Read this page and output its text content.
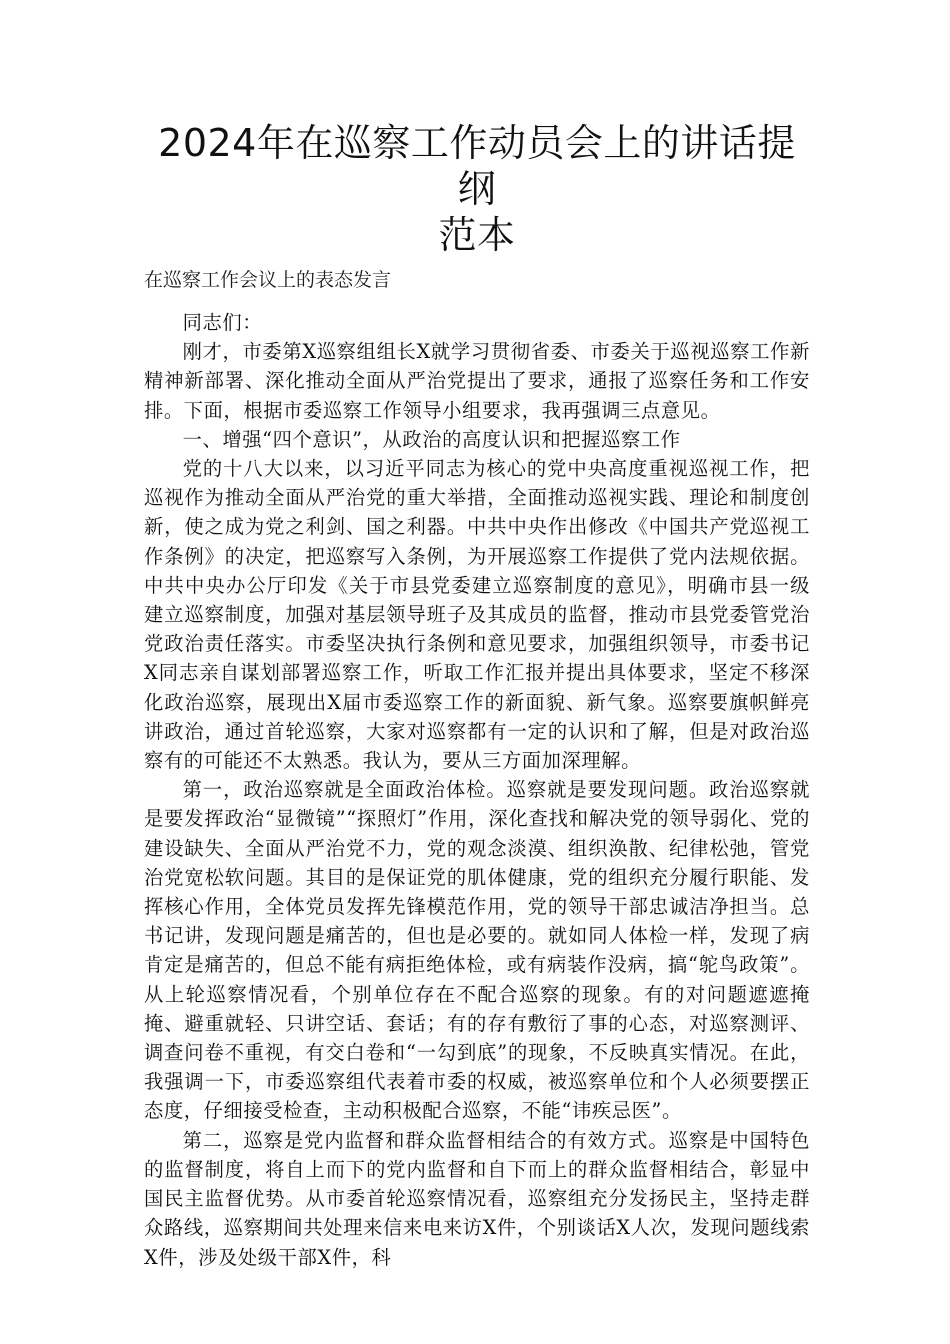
2024年在巡察工作动员会上的讲话提纲
范本
在巡察工作会议上的表态发言

同志们：

刚才，市委第X巡察组组长X就学习贯彻省委、市委关于巡视巡察工作新精神新部署、深化推动全面从严治党提出了要求，通报了巡察任务和工作安排。下面，根据市委巡察工作领导小组要求，我再强调三点意见。

一、增强“四个意识”，从政治的高度认识和把握巡察工作

党的十八大以来，以习近平同志为核心的党中央高度重视巡视工作，把巡视作为推动全面从严治党的重大举措，全面推动巡视实践、理论和制度创新，使之成为党之利剑、国之利器。中共中央作出修改《中国共产党巡视工作条例》的决定，把巡察写入条例，为开展巡察工作提供了党内法规依据。中共中央办公厅印发《关于市县党委建立巡察制度的意见》，明确市县一级建立巡察制度，加强对基层领导班子及其成员的监督，推动市县党委管党治党政治责任落实。市委坚决执行条例和意见要求，加强组织领导，市委书记X同志亲自谋划部署巡察工作，听取工作汇报并提出具体要求，坚定不移深化政治巡察，展现出X届市委巡察工作的新面貌、新气象。巡察要旗帜鲜亮讲政治，通过首轮巡察，大家对巡察都有一定的认识和了解，但是对政治巡察有的可能还不太熟悉。我认为，要从三方面加深理解。

第一，政治巡察就是全面政治体检。巡察就是要发现问题。政治巡察就是要发挥政治“显微镜”“探照灯”作用，深化查找和解决党的领导弱化、党的建设缺失、全面从严治党不力，党的观念淡漠、组织涣散、纪律松弛，管党治党宽松软问题。其目的是保证党的肌体健康，党的组织充分履行职能、发挥核心作用，全体党员发挥先锋模范作用，党的领导干部忠诚洁净担当。总书记讲，发现问题是痛苦的，但也是必要的。就如同人体检一样，发现了病肯定是痛苦的，但总不能有病拒绝体检，或有病装作没病，搞“鸵鸟政策”。从上轮巡察情况看，个别单位存在不配合巡察的现象。有的对问题遮遮掩掩、避重就轻、只讲空话、套话；有的存有敷衍了事的心态，对巡察测评、调查问卷不重视，有交白卷和“一勾到底”的现象，不反映真实情况。在此，我强调一下，市委巡察组代表着市委的权威，被巡察单位和个人必须要摆正态度，仔细接受检查，主动积极配合巡察，不能“讳疾忌医”。

第二，巡察是党内监督和群众监督相结合的有效方式。巡察是中国特色的监督制度，将自上而下的党内监督和自下而上的群众监督相结合，彰显中国民主监督优势。从市委首轮巡察情况看，巡察组充分发扬民主，坚持走群众路线，巡察期间共处理来信来电来访X件，个别谈话X人次，发现问题线索X件，涉及处级干部X件，科
